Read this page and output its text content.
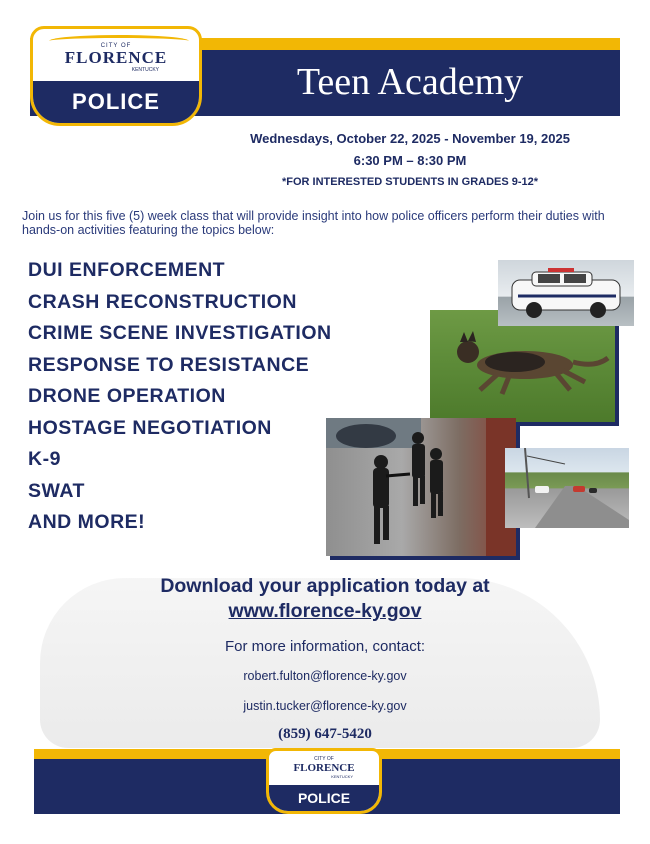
Teen Academy
CITY OF
FLORENCE
KENTUCKY
POLICE
Wednesdays, October 22, 2025 - November 19, 2025
6:30 PM – 8:30 PM
*FOR INTERESTED STUDENTS IN GRADES 9-12*
Join us for this five (5) week class that will provide insight into how police officers perform their duties with hands-on activities featuring the topics below:
DUI ENFORCEMENT
CRASH RECONSTRUCTION
CRIME SCENE INVESTIGATION
RESPONSE TO RESISTANCE
DRONE OPERATION
HOSTAGE NEGOTIATION
K-9
SWAT
AND MORE!
Download your application today at
www.florence-ky.gov
For more information, contact:
robert.fulton@florence-ky.gov
justin.tucker@florence-ky.gov
(859) 647-5420
CITY OF
FLORENCE
KENTUCKY
POLICE
